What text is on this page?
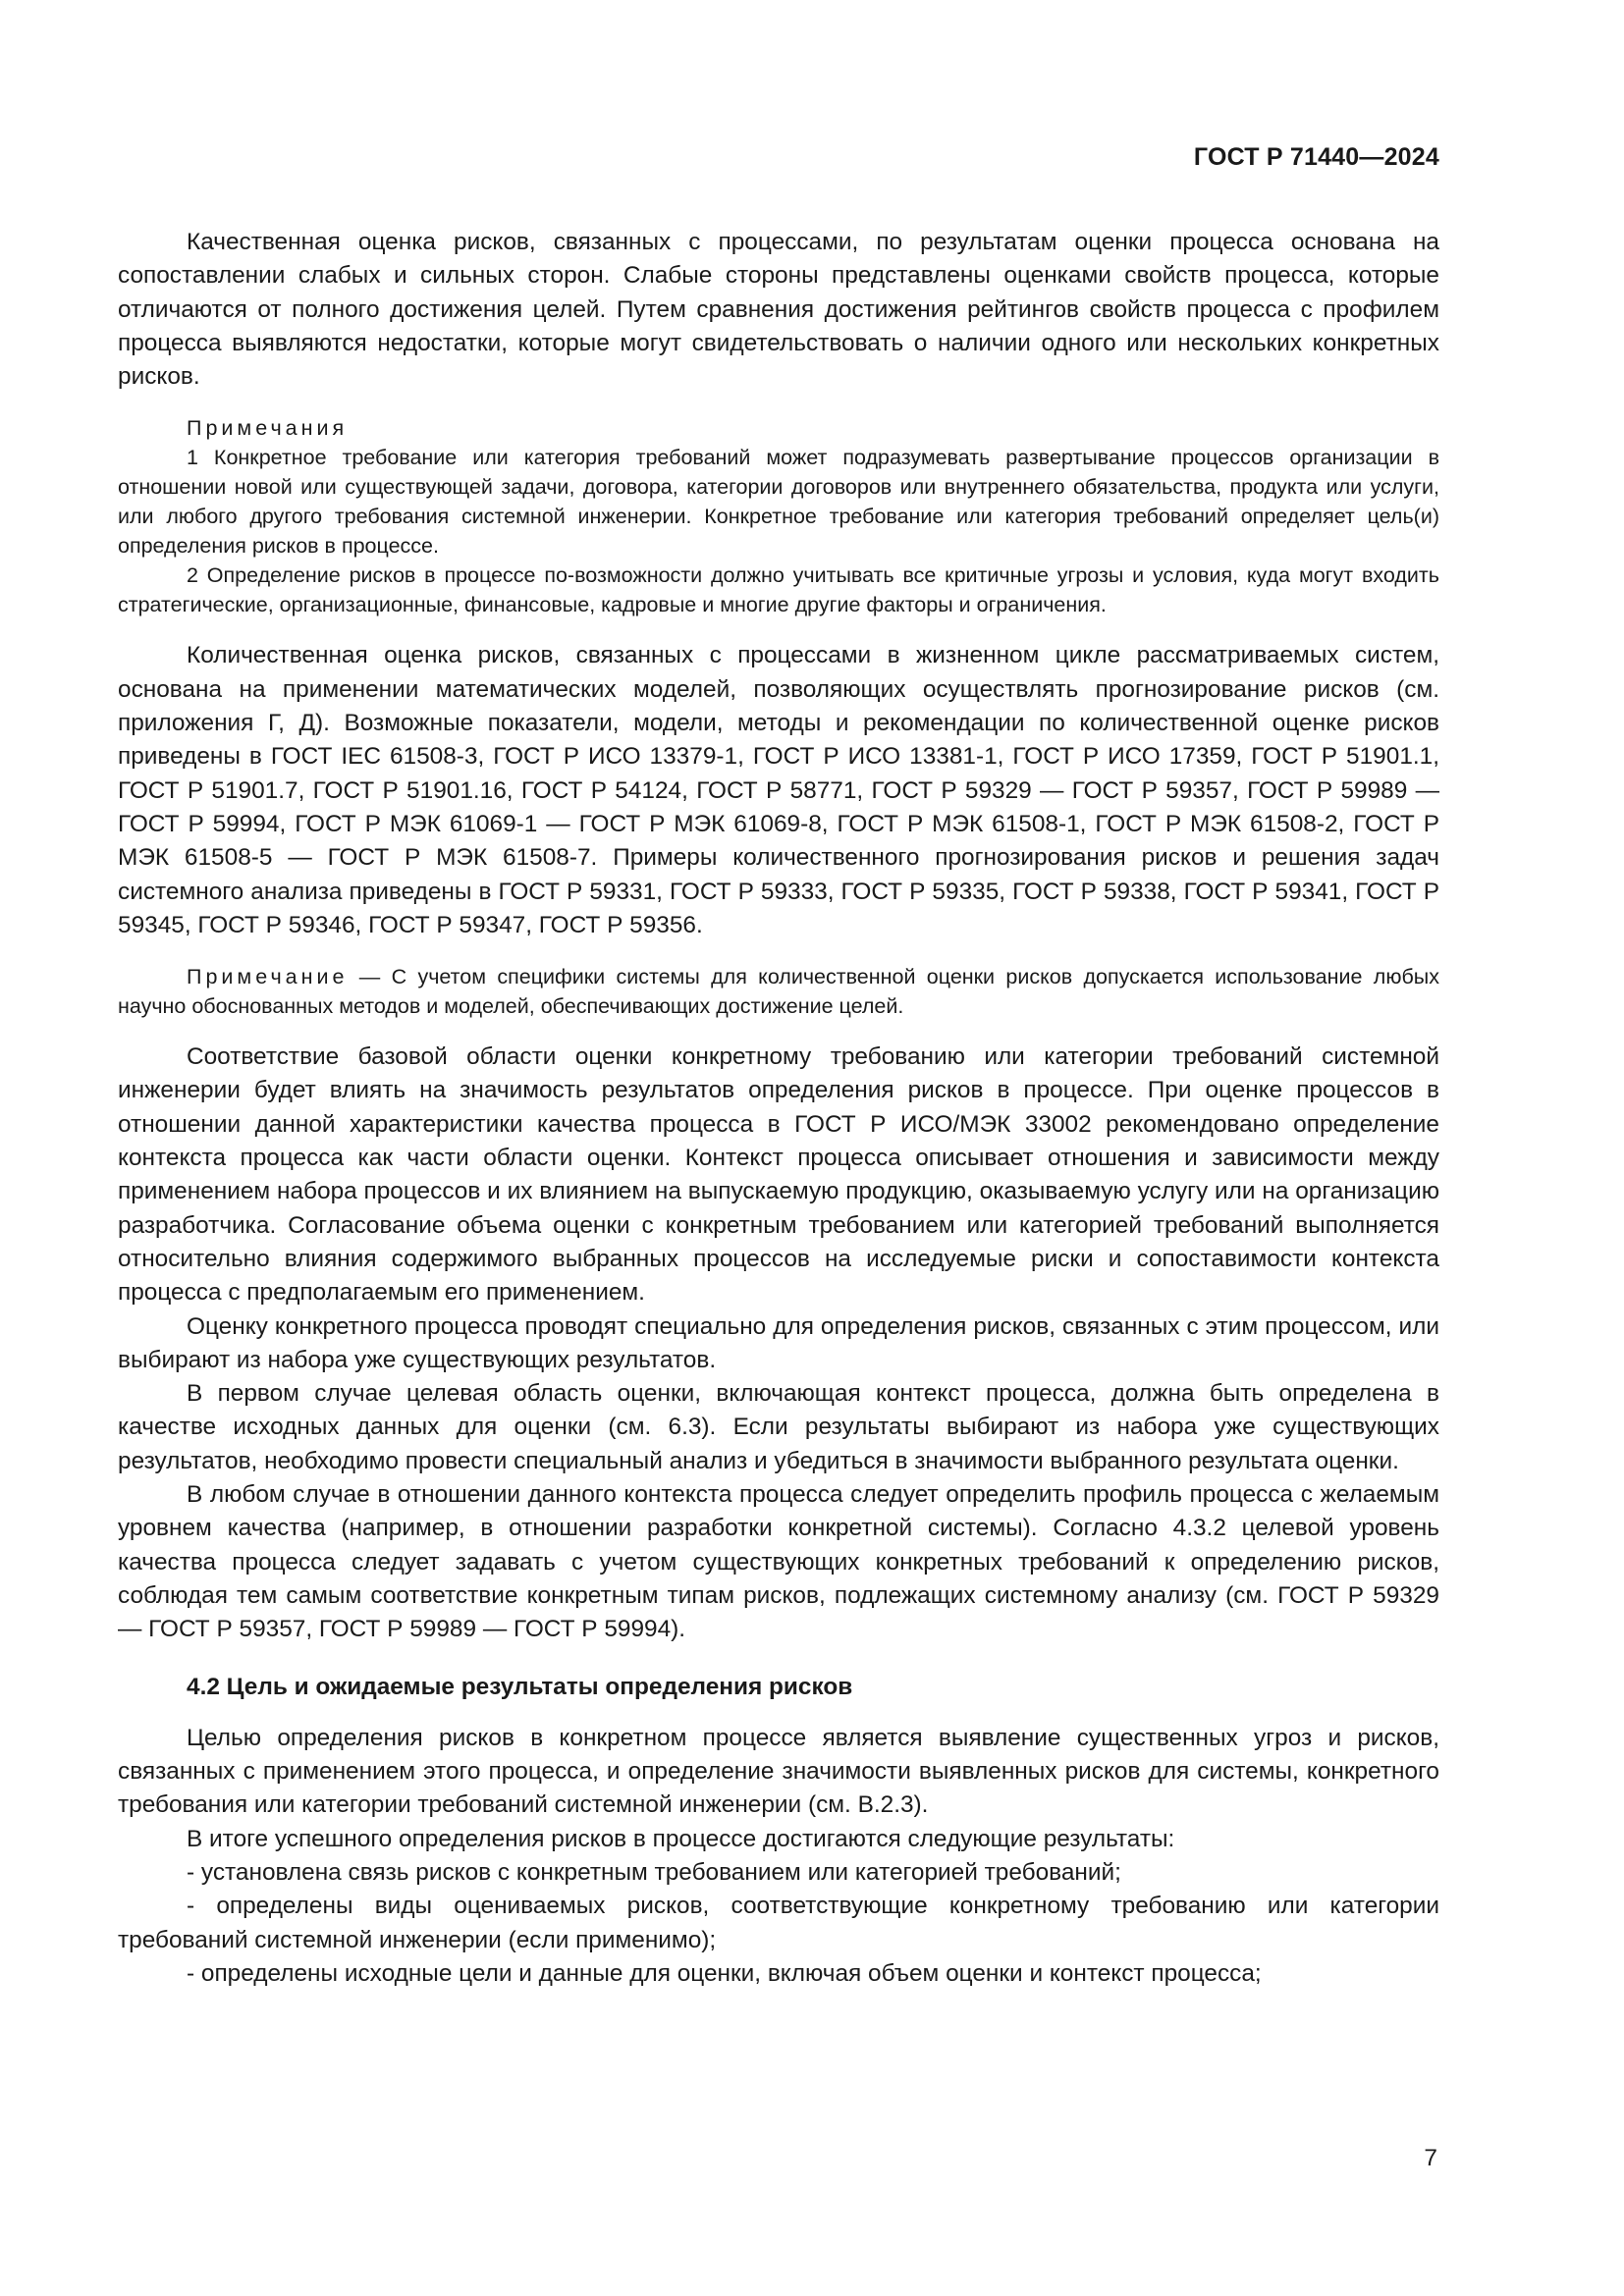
ГОСТ Р 71440—2024

Качественная оценка рисков, связанных с процессами, по результатам оценки процесса основана на сопоставлении слабых и сильных сторон. Слабые стороны представлены оценками свойств процесса, которые отличаются от полного достижения целей. Путем сравнения достижения рейтингов свойств процесса с профилем процесса выявляются недостатки, которые могут свидетельствовать о наличии одного или нескольких конкретных рисков.

Примечания

1 Конкретное требование или категория требований может подразумевать развертывание процессов организации в отношении новой или существующей задачи, договора, категории договоров или внутреннего обязательства, продукта или услуги, или любого другого требования системной инженерии. Конкретное требование или категория требований определяет цель(и) определения рисков в процессе.

2 Определение рисков в процессе по-возможности должно учитывать все критичные угрозы и условия, куда могут входить стратегические, организационные, финансовые, кадровые и многие другие факторы и ограничения.

Количественная оценка рисков, связанных с процессами в жизненном цикле рассматриваемых систем, основана на применении математических моделей, позволяющих осуществлять прогнозирование рисков (см. приложения Г, Д). Возможные показатели, модели, методы и рекомендации по количественной оценке рисков приведены в ГОСТ IEC 61508-3, ГОСТ Р ИСО 13379-1, ГОСТ Р ИСО 13381-1, ГОСТ Р ИСО 17359, ГОСТ Р 51901.1, ГОСТ Р 51901.7, ГОСТ Р 51901.16, ГОСТ Р 54124, ГОСТ Р 58771, ГОСТ Р 59329 — ГОСТ Р 59357, ГОСТ Р 59989 — ГОСТ Р 59994, ГОСТ Р МЭК 61069-1 — ГОСТ Р МЭК 61069-8, ГОСТ Р МЭК 61508-1, ГОСТ Р МЭК 61508-2, ГОСТ Р МЭК 61508-5 — ГОСТ Р МЭК 61508-7. Примеры количественного прогнозирования рисков и решения задач системного анализа приведены в ГОСТ Р 59331, ГОСТ Р 59333, ГОСТ Р 59335, ГОСТ Р 59338, ГОСТ Р 59341, ГОСТ Р 59345, ГОСТ Р 59346, ГОСТ Р 59347, ГОСТ Р 59356.

Примечание — С учетом специфики системы для количественной оценки рисков допускается использование любых научно обоснованных методов и моделей, обеспечивающих достижение целей.

Соответствие базовой области оценки конкретному требованию или категории требований системной инженерии будет влиять на значимость результатов определения рисков в процессе. При оценке процессов в отношении данной характеристики качества процесса в ГОСТ Р ИСО/МЭК 33002 рекомендовано определение контекста процесса как части области оценки. Контекст процесса описывает отношения и зависимости между применением набора процессов и их влиянием на выпускаемую продукцию, оказываемую услугу или на организацию разработчика. Согласование объема оценки с конкретным требованием или категорией требований выполняется относительно влияния содержимого выбранных процессов на исследуемые риски и сопоставимости контекста процесса с предполагаемым его применением.

Оценку конкретного процесса проводят специально для определения рисков, связанных с этим процессом, или выбирают из набора уже существующих результатов.

В первом случае целевая область оценки, включающая контекст процесса, должна быть определена в качестве исходных данных для оценки (см. 6.3). Если результаты выбирают из набора уже существующих результатов, необходимо провести специальный анализ и убедиться в значимости выбранного результата оценки.

В любом случае в отношении данного контекста процесса следует определить профиль процесса с желаемым уровнем качества (например, в отношении разработки конкретной системы). Согласно 4.3.2 целевой уровень качества процесса следует задавать с учетом существующих конкретных требований к определению рисков, соблюдая тем самым соответствие конкретным типам рисков, подлежащих системному анализу (см. ГОСТ Р 59329 — ГОСТ Р 59357, ГОСТ Р 59989 — ГОСТ Р 59994).

4.2 Цель и ожидаемые результаты определения рисков

Целью определения рисков в конкретном процессе является выявление существенных угроз и рисков, связанных с применением этого процесса, и определение значимости выявленных рисков для системы, конкретного требования или категории требований системной инженерии (см. В.2.3).

В итоге успешного определения рисков в процессе достигаются следующие результаты:

- установлена связь рисков с конкретным требованием или категорией требований;

- определены виды оцениваемых рисков, соответствующие конкретному требованию или категории требований системной инженерии (если применимо);

- определены исходные цели и данные для оценки, включая объем оценки и контекст процесса;

7
